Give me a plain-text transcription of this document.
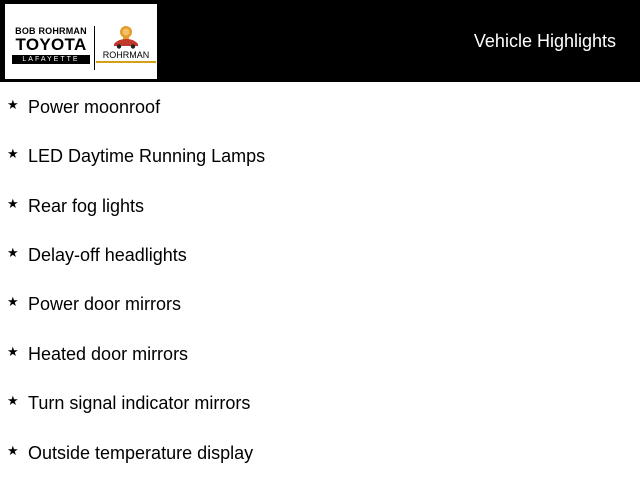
BOB ROHRMAN
TOYOTA
LAFAYETTE	ROHRMAN
Vehicle Highlights
★ Power moonroof
★ LED Daytime Running Lamps
★ Rear fog lights
★ Delay-off headlights
★ Power door mirrors
★ Heated door mirrors
★ Turn signal indicator mirrors
★ Outside temperature display
